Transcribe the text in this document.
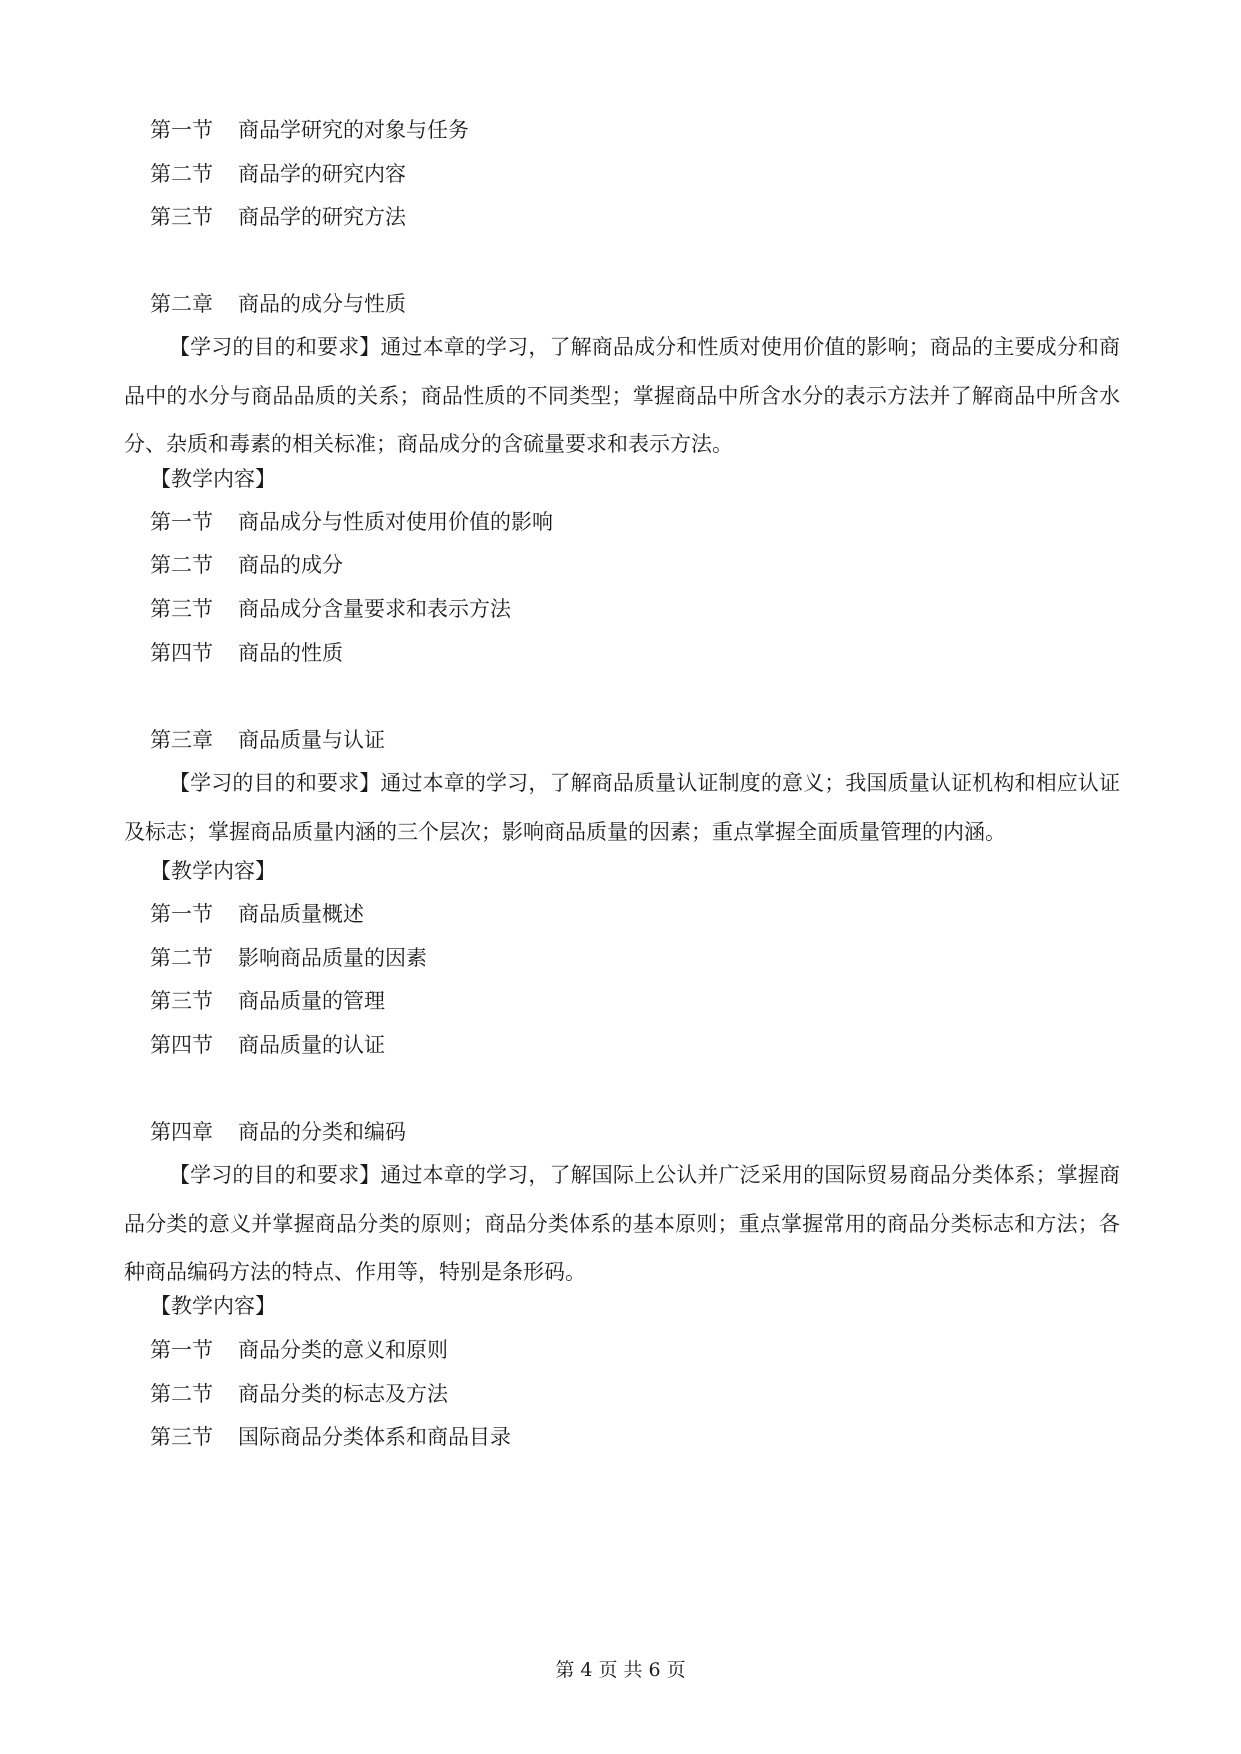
第一节 商品学研究的对象与任务
第二节 商品学的研究内容
第三节 商品学的研究方法
第二章 商品的成分与性质
【学习的目的和要求】通过本章的学习，了解商品成分和性质对使用价值的影响；商品的主要成分和商品中的水分与商品品质的关系；商品性质的不同类型；掌握商品中所含水分的表示方法并了解商品中所含水分、杂质和毒素的相关标准；商品成分的含硫量要求和表示方法。
【教学内容】
第一节 商品成分与性质对使用价值的影响
第二节 商品的成分
第三节 商品成分含量要求和表示方法
第四节 商品的性质
第三章 商品质量与认证
【学习的目的和要求】通过本章的学习，了解商品质量认证制度的意义；我国质量认证机构和相应认证及标志；掌握商品质量内涵的三个层次；影响商品质量的因素；重点掌握全面质量管理的内涵。
【教学内容】
第一节 商品质量概述
第二节 影响商品质量的因素
第三节 商品质量的管理
第四节 商品质量的认证
第四章 商品的分类和编码
【学习的目的和要求】通过本章的学习，了解国际上公认并广泛采用的国际贸易商品分类体系；掌握商品分类的意义并掌握商品分类的原则；商品分类体系的基本原则；重点掌握常用的商品分类标志和方法；各种商品编码方法的特点、作用等，特别是条形码。
【教学内容】
第一节 商品分类的意义和原则
第二节 商品分类的标志及方法
第三节 国际商品分类体系和商品目录
第 4 页 共 6 页
